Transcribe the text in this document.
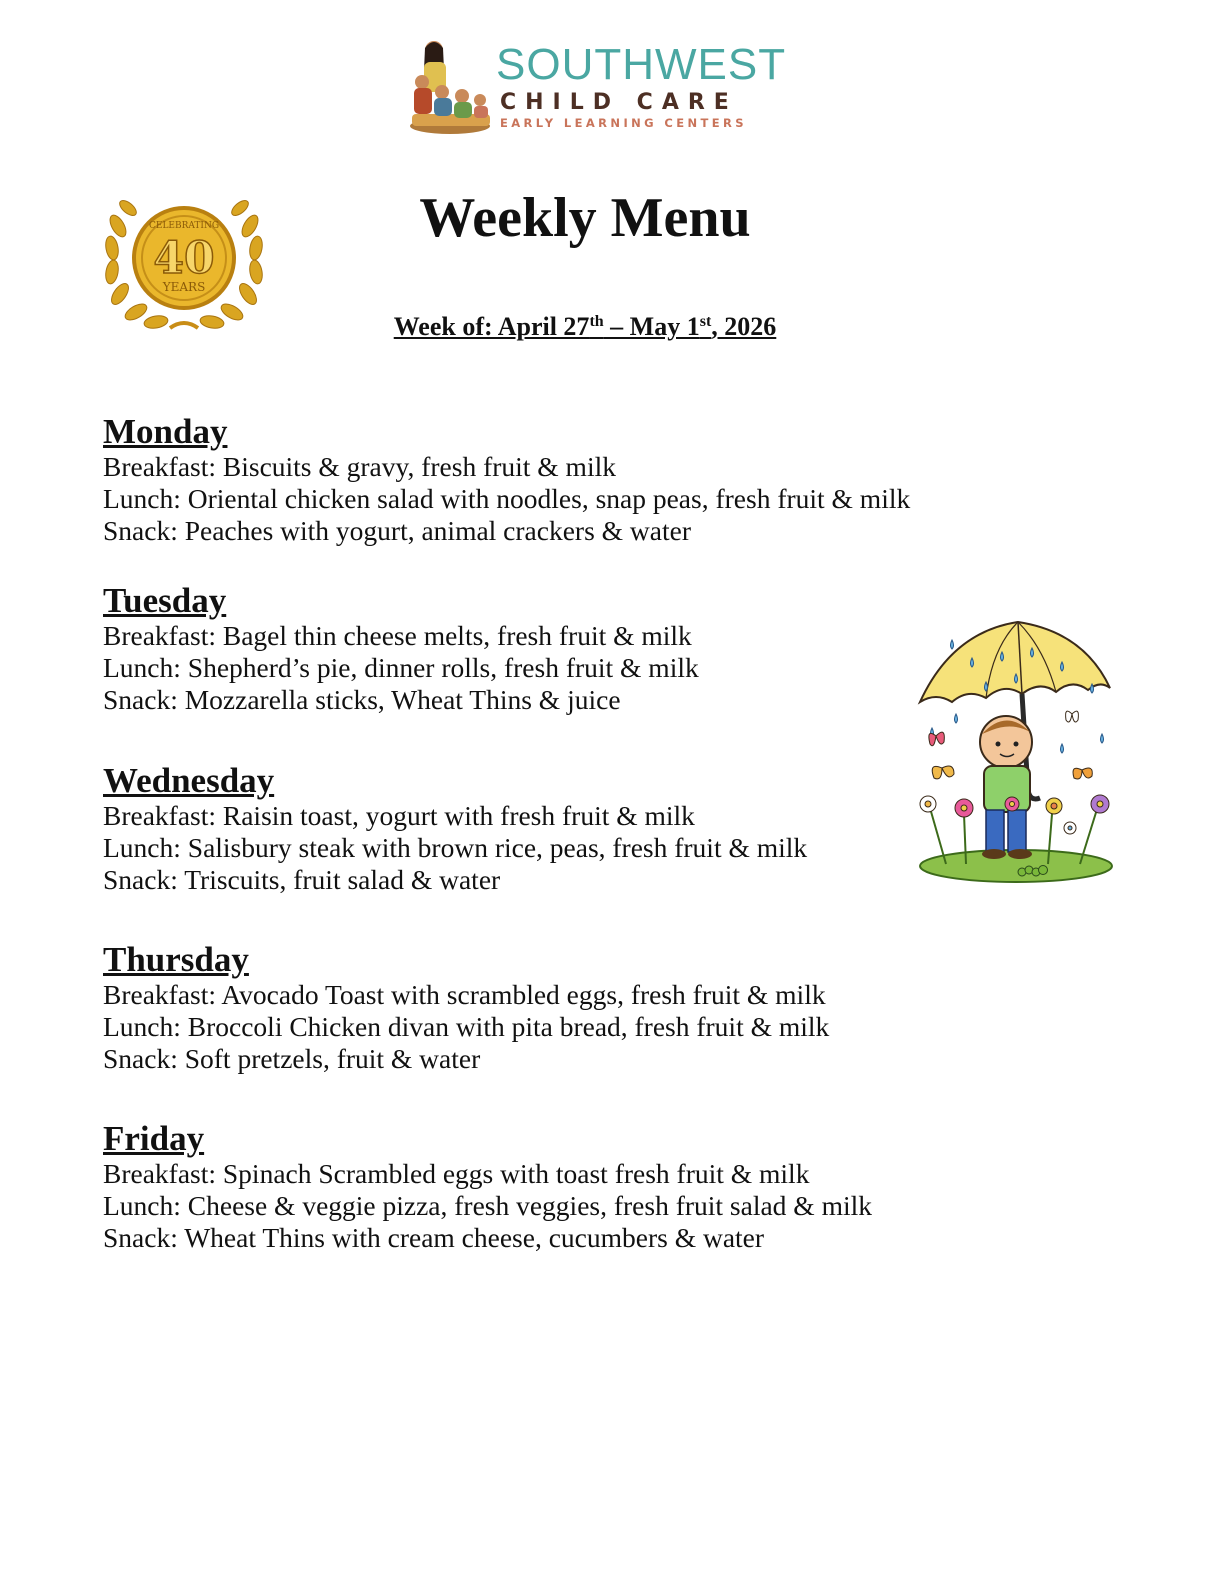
SOUTHWEST
CHILD CARE
EARLY LEARNING CENTERS
CELEBRATING
40
YEARS
Weekly Menu
Week of: April 27th – May 1st, 2026
Monday
Breakfast: Biscuits & gravy, fresh fruit & milk
Lunch: Oriental chicken salad with noodles, snap peas, fresh fruit & milk
Snack: Peaches with yogurt, animal crackers & water
Tuesday
Breakfast: Bagel thin cheese melts, fresh fruit & milk
Lunch: Shepherd’s pie, dinner rolls, fresh fruit & milk
Snack: Mozzarella sticks, Wheat Thins & juice
Wednesday
Breakfast: Raisin toast, yogurt with fresh fruit & milk
Lunch: Salisbury steak with brown rice, peas, fresh fruit & milk
Snack: Triscuits, fruit salad & water
Thursday
Breakfast: Avocado Toast with scrambled eggs, fresh fruit & milk
Lunch: Broccoli Chicken divan with pita bread, fresh fruit & milk
Snack: Soft pretzels, fruit & water
Friday
Breakfast: Spinach Scrambled eggs with toast fresh fruit & milk
Lunch: Cheese & veggie pizza, fresh veggies, fresh fruit salad & milk
Snack: Wheat Thins with cream cheese, cucumbers & water
